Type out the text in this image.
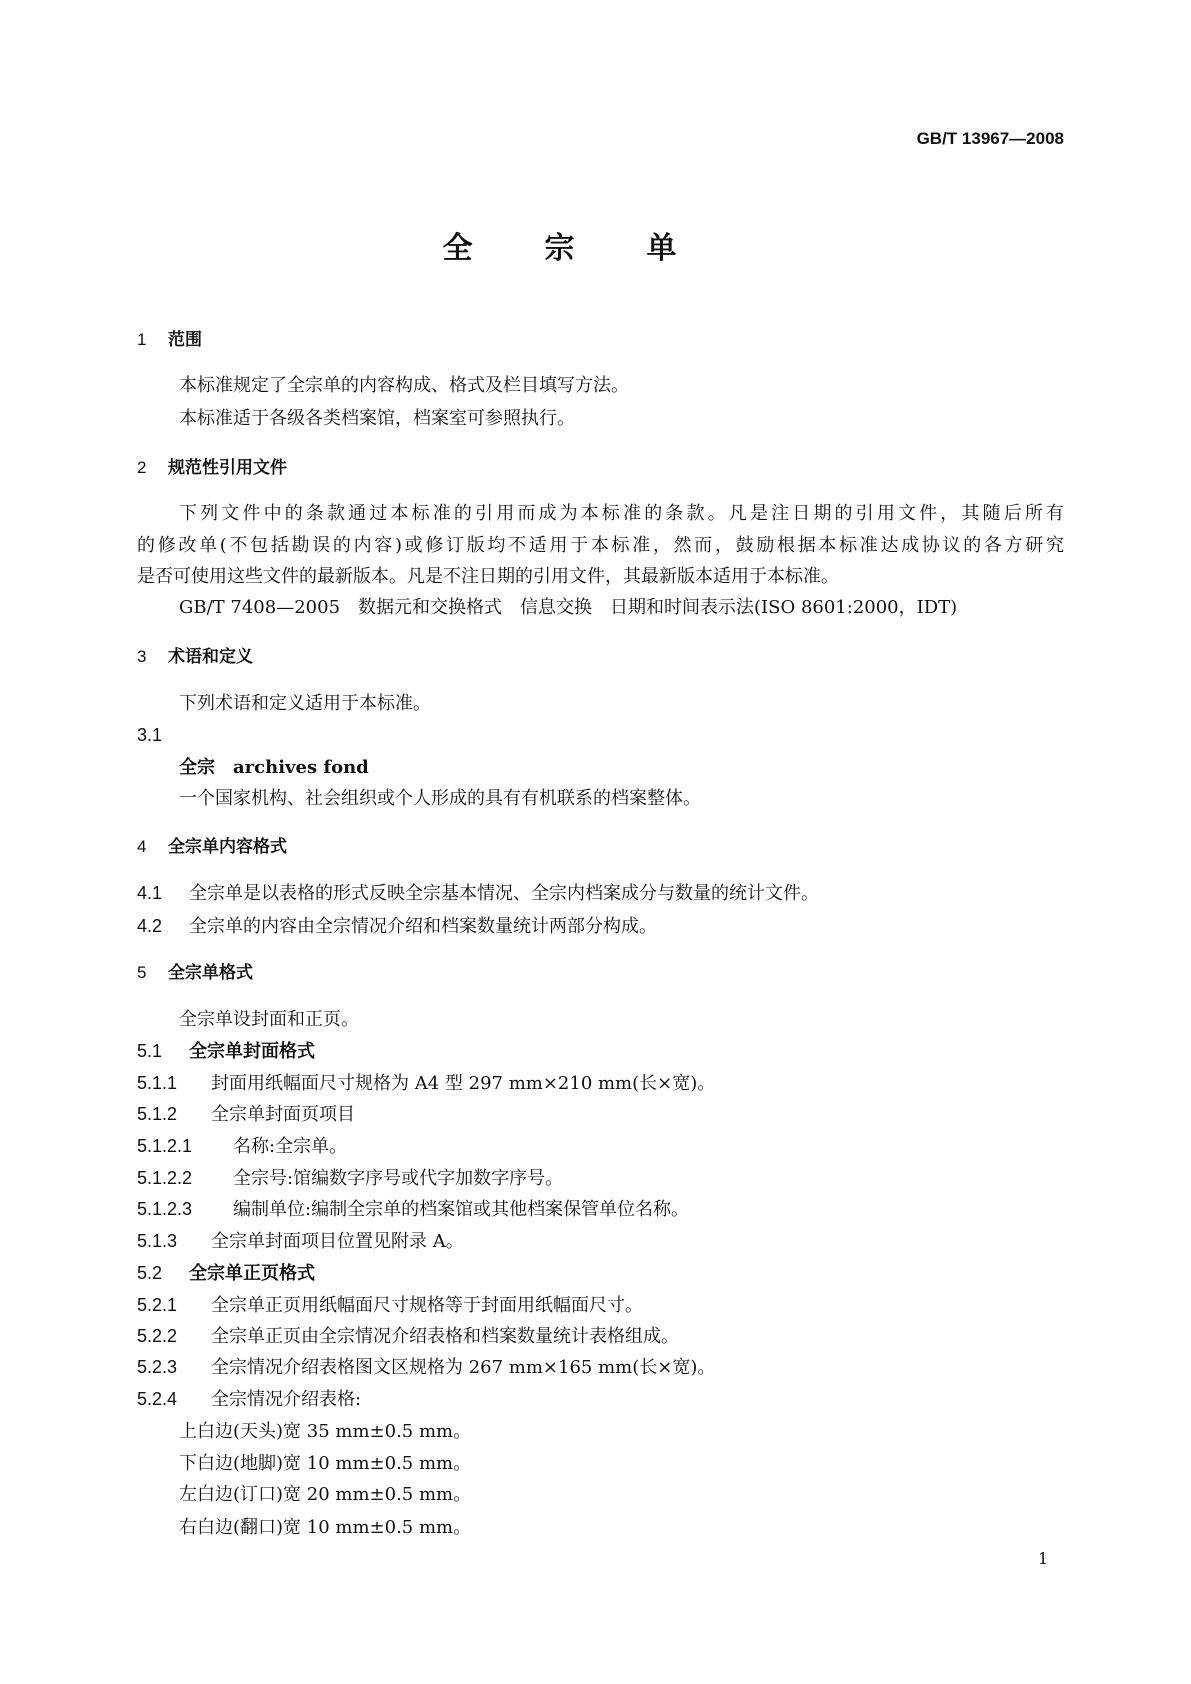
GB/T 13967—2008
全宗单
1 范围
本标准规定了全宗单的内容构成、格式及栏目填写方法。
本标准适于各级各类档案馆，档案室可参照执行。
2 规范性引用文件
下列文件中的条款通过本标准的引用而成为本标准的条款。凡是注日期的引用文件，其随后所有
的修改单(不包括勘误的内容)或修订版均不适用于本标准，然而，鼓励根据本标准达成协议的各方研究
是否可使用这些文件的最新版本。凡是不注日期的引用文件，其最新版本适用于本标准。
GB/T 7408—2005　数据元和交换格式　信息交换　日期和时间表示法(ISO 8601:2000，IDT)
3 术语和定义
下列术语和定义适用于本标准。
3.1
全宗　archives fond
一个国家机构、社会组织或个人形成的具有有机联系的档案整体。
4 全宗单内容格式
4.1 全宗单是以表格的形式反映全宗基本情况、全宗内档案成分与数量的统计文件。
4.2 全宗单的内容由全宗情况介绍和档案数量统计两部分构成。
5 全宗单格式
全宗单设封面和正页。
5.1 全宗单封面格式
5.1.1 封面用纸幅面尺寸规格为 A4 型 297 mm×210 mm(长×宽)。
5.1.2 全宗单封面页项目
5.1.2.1 名称:全宗单。
5.1.2.2 全宗号:馆编数字序号或代字加数字序号。
5.1.2.3 编制单位:编制全宗单的档案馆或其他档案保管单位名称。
5.1.3 全宗单封面项目位置见附录 A。
5.2 全宗单正页格式
5.2.1 全宗单正页用纸幅面尺寸规格等于封面用纸幅面尺寸。
5.2.2 全宗单正页由全宗情况介绍表格和档案数量统计表格组成。
5.2.3 全宗情况介绍表格图文区规格为 267 mm×165 mm(长×宽)。
5.2.4 全宗情况介绍表格:
上白边(天头)宽 35 mm±0.5 mm。
下白边(地脚)宽 10 mm±0.5 mm。
左白边(订口)宽 20 mm±0.5 mm。
右白边(翻口)宽 10 mm±0.5 mm。
1
